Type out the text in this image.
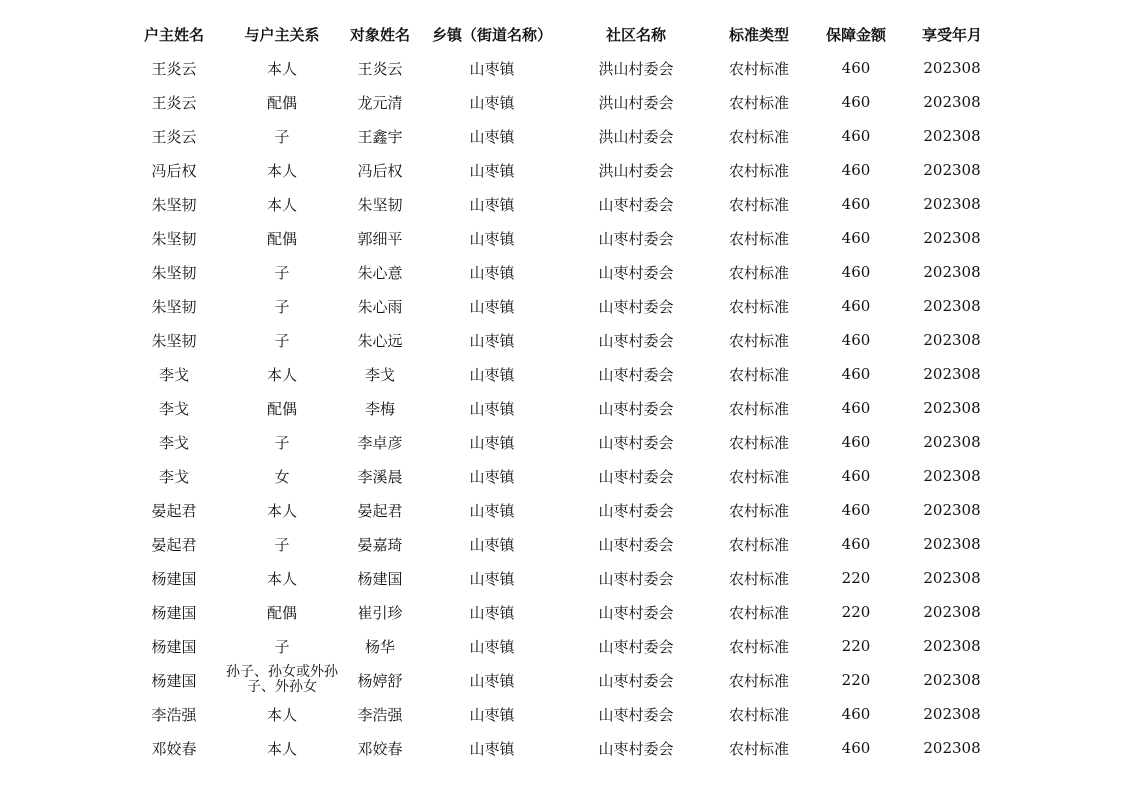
户主姓名	与户主关系	对象姓名	乡镇（街道名称）	社区名称	标准类型	保障金额	享受年月
王炎云	本人	王炎云	山枣镇	洪山村委会	农村标准	460	202308
王炎云	配偶	龙元清	山枣镇	洪山村委会	农村标准	460	202308
王炎云	子	王鑫宇	山枣镇	洪山村委会	农村标准	460	202308
冯后权	本人	冯后权	山枣镇	洪山村委会	农村标准	460	202308
朱坚韧	本人	朱坚韧	山枣镇	山枣村委会	农村标准	460	202308
朱坚韧	配偶	郭细平	山枣镇	山枣村委会	农村标准	460	202308
朱坚韧	子	朱心意	山枣镇	山枣村委会	农村标准	460	202308
朱坚韧	子	朱心雨	山枣镇	山枣村委会	农村标准	460	202308
朱坚韧	子	朱心远	山枣镇	山枣村委会	农村标准	460	202308
李戈	本人	李戈	山枣镇	山枣村委会	农村标准	460	202308
李戈	配偶	李梅	山枣镇	山枣村委会	农村标准	460	202308
李戈	子	李卓彦	山枣镇	山枣村委会	农村标准	460	202308
李戈	女	李溪晨	山枣镇	山枣村委会	农村标准	460	202308
晏起君	本人	晏起君	山枣镇	山枣村委会	农村标准	460	202308
晏起君	子	晏嘉琦	山枣镇	山枣村委会	农村标准	460	202308
杨建国	本人	杨建国	山枣镇	山枣村委会	农村标准	220	202308
杨建国	配偶	崔引珍	山枣镇	山枣村委会	农村标准	220	202308
杨建国	子	杨华	山枣镇	山枣村委会	农村标准	220	202308
杨建国	孙子、孙女或外孙子、外孙女	杨婷舒	山枣镇	山枣村委会	农村标准	220	202308
李浩强	本人	李浩强	山枣镇	山枣村委会	农村标准	460	202308
邓姣春	本人	邓姣春	山枣镇	山枣村委会	农村标准	460	202308
